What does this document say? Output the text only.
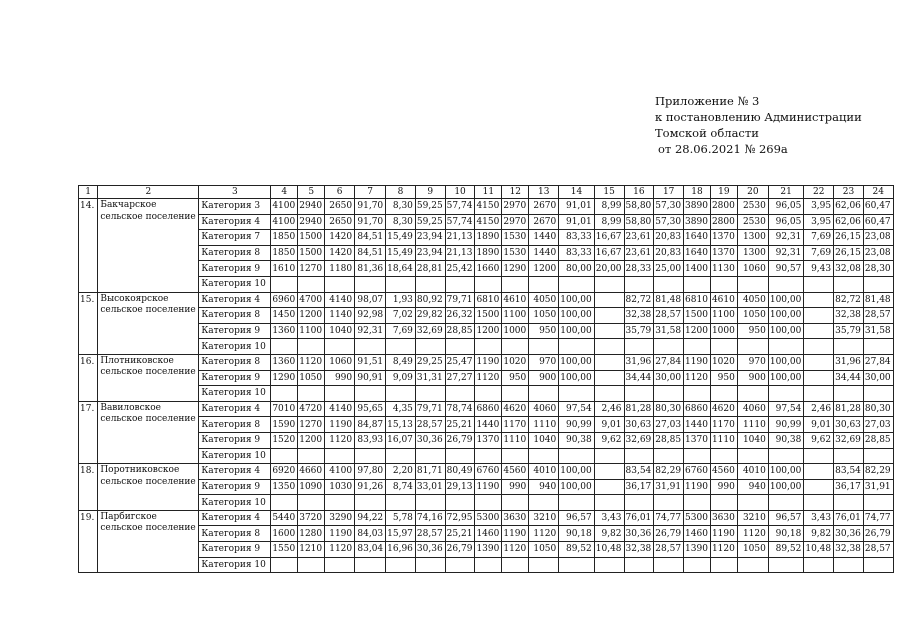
Приложение № 3
к постановлению Администрации
Томской области
от 28.06.2021 № 269а
1	2	3	4	5	6	7	8	9	10	11	12	13	14	15	16	17	18	19	20	21	22	23	24
14.	Бакчарское сельское поселение	Категория 3	4100	2940	2650	91,70	8,30	59,25	57,74	4150	2970	2670	91,01	8,99	58,80	57,30	3890	2800	2530	96,05	3,95	62,06	60,47
		Категория 4	4100	2940	2650	91,70	8,30	59,25	57,74	4150	2970	2670	91,01	8,99	58,80	57,30	3890	2800	2530	96,05	3,95	62,06	60,47
		Категория 7	1850	1500	1420	84,51	15,49	23,94	21,13	1890	1530	1440	83,33	16,67	23,61	20,83	1640	1370	1300	92,31	7,69	26,15	23,08
		Категория 8	1850	1500	1420	84,51	15,49	23,94	21,13	1890	1530	1440	83,33	16,67	23,61	20,83	1640	1370	1300	92,31	7,69	26,15	23,08
		Категория 9	1610	1270	1180	81,36	18,64	28,81	25,42	1660	1290	1200	80,00	20,00	28,33	25,00	1400	1130	1060	90,57	9,43	32,08	28,30
		Категория 10																					
15.	Высокоярское сельское поселение	Категория 4	6960	4700	4140	98,07	1,93	80,92	79,71	6810	4610	4050	100,00		82,72	81,48	6810	4610	4050	100,00		82,72	81,48
		Категория 8	1450	1200	1140	92,98	7,02	29,82	26,32	1500	1100	1050	100,00		32,38	28,57	1500	1100	1050	100,00		32,38	28,57
		Категория 9	1360	1100	1040	92,31	7,69	32,69	28,85	1200	1000	950	100,00		35,79	31,58	1200	1000	950	100,00		35,79	31,58
		Категория 10																					
16.	Плотниковское сельское поселение	Категория 8	1360	1120	1060	91,51	8,49	29,25	25,47	1190	1020	970	100,00		31,96	27,84	1190	1020	970	100,00		31,96	27,84
		Категория 9	1290	1050	990	90,91	9,09	31,31	27,27	1120	950	900	100,00		34,44	30,00	1120	950	900	100,00		34,44	30,00
		Категория 10																					
17.	Вавиловское сельское поселение	Категория 4	7010	4720	4140	95,65	4,35	79,71	78,74	6860	4620	4060	97,54	2,46	81,28	80,30	6860	4620	4060	97,54	2,46	81,28	80,30
		Категория 8	1590	1270	1190	84,87	15,13	28,57	25,21	1440	1170	1110	90,99	9,01	30,63	27,03	1440	1170	1110	90,99	9,01	30,63	27,03
		Категория 9	1520	1200	1120	83,93	16,07	30,36	26,79	1370	1110	1040	90,38	9,62	32,69	28,85	1370	1110	1040	90,38	9,62	32,69	28,85
		Категория 10																					
18.	Поротниковское сельское поселение	Категория 4	6920	4660	4100	97,80	2,20	81,71	80,49	6760	4560	4010	100,00		83,54	82,29	6760	4560	4010	100,00		83,54	82,29
		Категория 9	1350	1090	1030	91,26	8,74	33,01	29,13	1190	990	940	100,00		36,17	31,91	1190	990	940	100,00		36,17	31,91
		Категория 10																					
19.	Парбигское сельское поселение	Категория 4	5440	3720	3290	94,22	5,78	74,16	72,95	5300	3630	3210	96,57	3,43	76,01	74,77	5300	3630	3210	96,57	3,43	76,01	74,77
		Категория 8	1600	1280	1190	84,03	15,97	28,57	25,21	1460	1190	1120	90,18	9,82	30,36	26,79	1460	1190	1120	90,18	9,82	30,36	26,79
		Категория 9	1550	1210	1120	83,04	16,96	30,36	26,79	1390	1120	1050	89,52	10,48	32,38	28,57	1390	1120	1050	89,52	10,48	32,38	28,57
		Категория 10																					
